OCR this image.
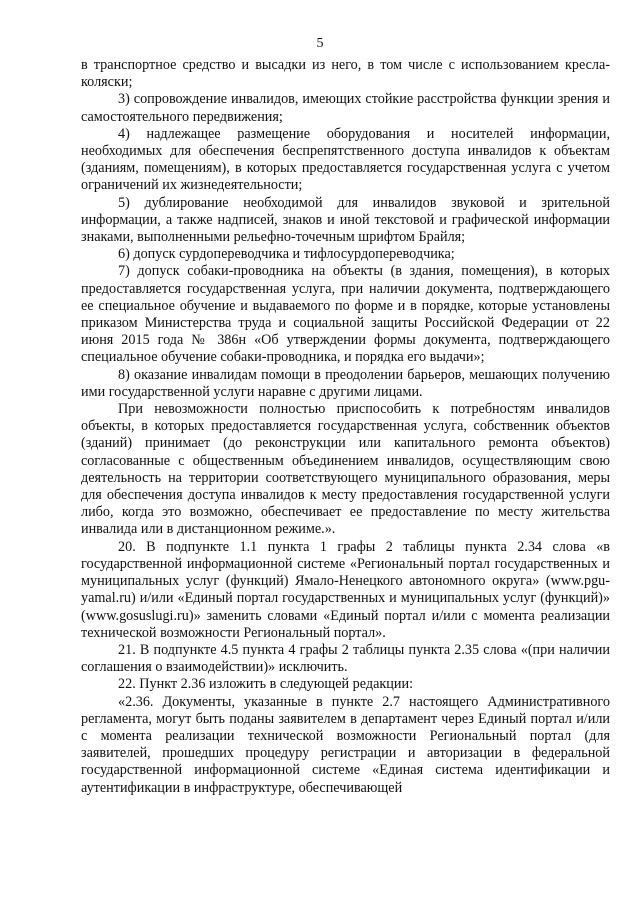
5

в транспортное средство и высадки из него, в том числе с использованием кресла-коляски;

3) сопровождение инвалидов, имеющих стойкие расстройства функции зрения и самостоятельного передвижения;

4) надлежащее размещение оборудования и носителей информации, необходимых для обеспечения беспрепятственного доступа инвалидов к объектам (зданиям, помещениям), в которых предоставляется государственная услуга с учетом ограничений их жизнедеятельности;

5) дублирование необходимой для инвалидов звуковой и зрительной информации, а также надписей, знаков и иной текстовой и графической информации знаками, выполненными рельефно-точечным шрифтом Брайля;

6) допуск сурдопереводчика и тифлосурдопереводчика;

7) допуск собаки-проводника на объекты (в здания, помещения), в которых предоставляется государственная услуга, при наличии документа, подтверждающего ее специальное обучение и выдаваемого по форме и в порядке, которые установлены приказом Министерства труда и социальной защиты Российской Федерации от 22 июня 2015 года № 386н «Об утверждении формы документа, подтверждающего специальное обучение собаки-проводника, и порядка его выдачи»;

8) оказание инвалидам помощи в преодолении барьеров, мешающих получению ими государственной услуги наравне с другими лицами.

При невозможности полностью приспособить к потребностям инвалидов объекты, в которых предоставляется государственная услуга, собственник объектов (зданий) принимает (до реконструкции или капитального ремонта объектов) согласованные с общественным объединением инвалидов, осуществляющим свою деятельность на территории соответствующего муниципального образования, меры для обеспечения доступа инвалидов к месту предоставления государственной услуги либо, когда это возможно, обеспечивает ее предоставление по месту жительства инвалида или в дистанционном режиме.».

20. В подпункте 1.1 пункта 1 графы 2 таблицы пункта 2.34 слова «в государственной информационной системе «Региональный портал государственных и муниципальных услуг (функций) Ямало-Ненецкого автономного округа» (www.pgu-yamal.ru) и/или «Единый портал государственных и муниципальных услуг (функций)» (www.gosuslugi.ru)» заменить словами «Единый портал и/или с момента реализации технической возможности Региональный портал».

21. В подпункте 4.5 пункта 4 графы 2 таблицы пункта 2.35 слова «(при наличии соглашения о взаимодействии)» исключить.

22. Пункт 2.36 изложить в следующей редакции:

«2.36. Документы, указанные в пункте 2.7 настоящего Административного регламента, могут быть поданы заявителем в департамент через Единый портал и/или с момента реализации технической возможности Региональный портал (для заявителей, прошедших процедуру регистрации и авторизации в федеральной государственной информационной системе «Единая система идентификации и аутентификации в инфраструктуре, обеспечивающей
